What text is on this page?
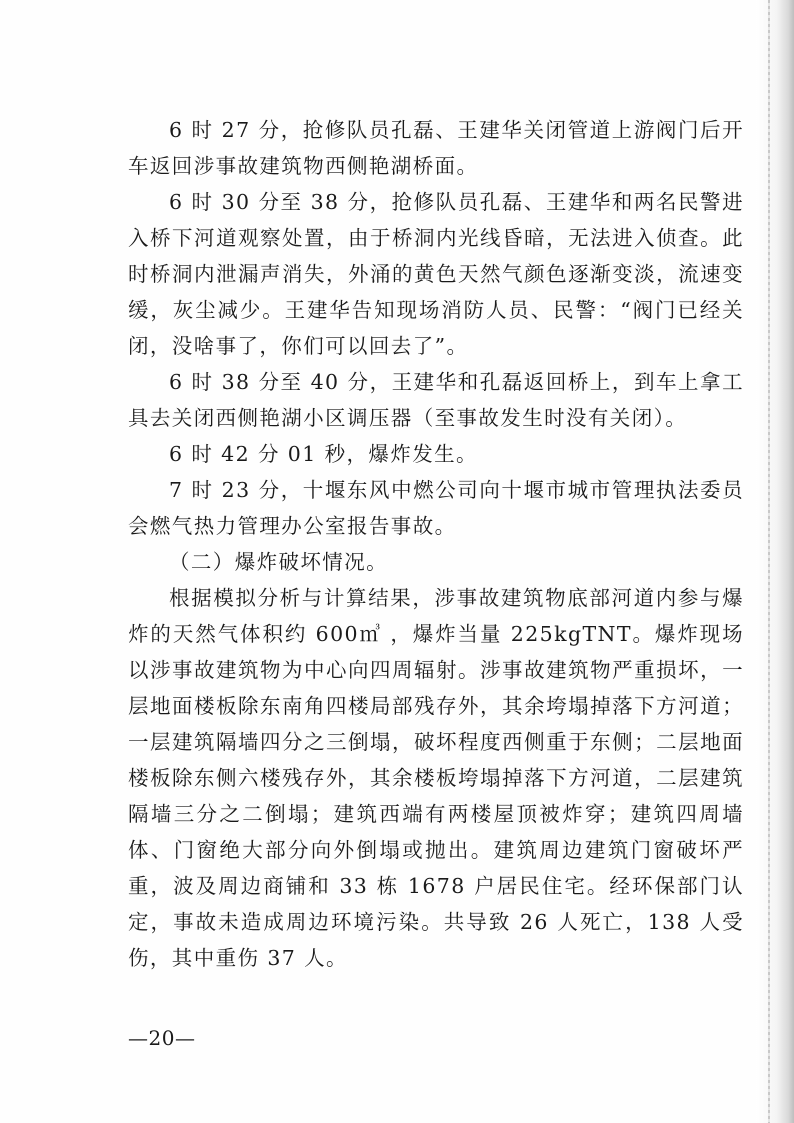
6 时 27 分，抢修队员孔磊、王建华关闭管道上游阀门后开车返回涉事故建筑物西侧艳湖桥面。

6 时 30 分至 38 分，抢修队员孔磊、王建华和两名民警进入桥下河道观察处置，由于桥洞内光线昏暗，无法进入侦查。此时桥洞内泄漏声消失，外涌的黄色天然气颜色逐渐变淡，流速变缓，灰尘减少。王建华告知现场消防人员、民警：“阀门已经关闭，没啥事了，你们可以回去了”。

6 时 38 分至 40 分，王建华和孔磊返回桥上，到车上拿工具去关闭西侧艳湖小区调压器（至事故发生时没有关闭）。

6 时 42 分 01 秒，爆炸发生。

7 时 23 分，十堰东风中燃公司向十堰市城市管理执法委员会燃气热力管理办公室报告事故。

（二）爆炸破坏情况。

根据模拟分析与计算结果，涉事故建筑物底部河道内参与爆炸的天然气体积约 600㎥ ，爆炸当量 225kgTNT。爆炸现场以涉事故建筑物为中心向四周辐射。涉事故建筑物严重损坏，一层地面楼板除东南角四楼局部残存外，其余垮塌掉落下方河道；一层建筑隔墙四分之三倒塌，破坏程度西侧重于东侧；二层地面楼板除东侧六楼残存外，其余楼板垮塌掉落下方河道，二层建筑隔墙三分之二倒塌；建筑西端有两楼屋顶被炸穿；建筑四周墙体、门窗绝大部分向外倒塌或抛出。建筑周边建筑门窗破坏严重，波及周边商铺和 33 栋 1678 户居民住宅。经环保部门认定，事故未造成周边环境污染。共导致 26 人死亡，138 人受伤，其中重伤 37 人。

—20—
